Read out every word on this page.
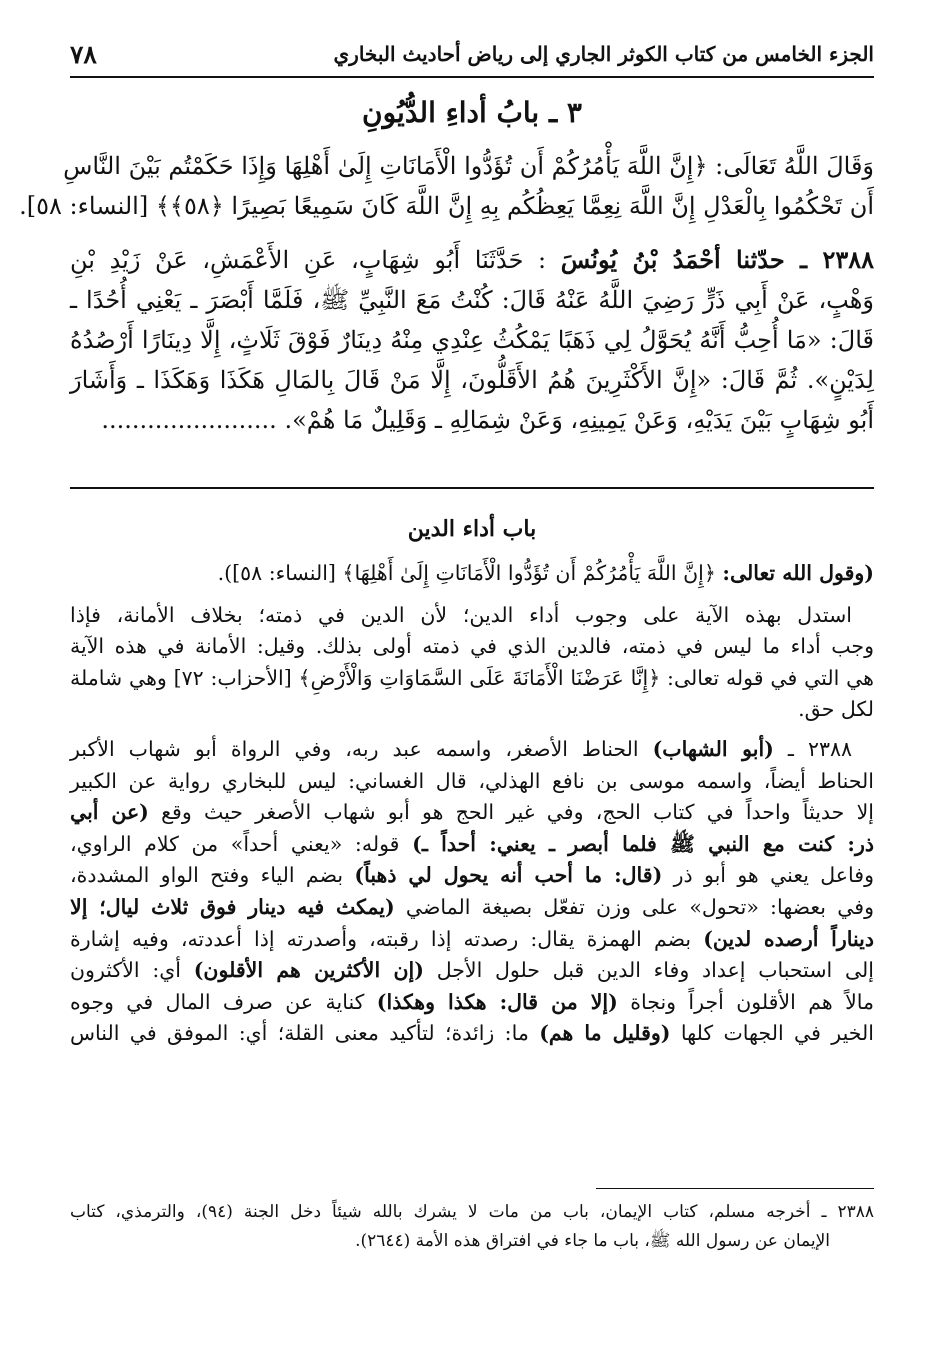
٧٨	الجزء الخامس من كتاب الكوثر الجاري إلى رياض أحاديث البخاري
٣ ـ بابُ أداءِ الدُّيُونِ
وَقَالَ اللَّهُ تَعَالَى: ﴿إِنَّ اللَّهَ يَأْمُرُكُمْ أَن تُؤَدُّوا الْأَمَانَاتِ إِلَىٰ أَهْلِهَا وَإِذَا حَكَمْتُم بَيْنَ النَّاسِ
أَن تَحْكُمُوا بِالْعَدْلِ إِنَّ اللَّهَ نِعِمَّا يَعِظُكُم بِهِ إِنَّ اللَّهَ كَانَ سَمِيعًا بَصِيرًا ﴿٥٨﴾﴾ [النساء: ٥٨].
٢٣٨٨ ـ حدّثنا أحْمَدُ بْنُ يُونُسَ : حَدَّثَنَا أَبُو شِهَابٍ، عَنِ الأَعْمَشِ، عَنْ زَيْدِ بْنِ
وَهْبٍ، عَنْ أَبِي ذَرٍّ رَضِيَ اللَّهُ عَنْهُ قَالَ: كُنْتُ مَعَ النَّبِيِّ ﷺ، فَلَمَّا أَبْصَرَ ـ يَعْنِي أُحُدًا ـ
قَالَ: «مَا أُحِبُّ أَنَّهُ يُحَوَّلُ لِي ذَهَبًا يَمْكُثُ عِنْدِي مِنْهُ دِينَارٌ فَوْقَ ثَلَاثٍ، إِلَّا دِينَارًا أَرْصُدُهُ
لِدَيْنٍ». ثُمَّ قَالَ: «إِنَّ الأَكْثَرِينَ هُمُ الأَقَلُّونَ، إِلَّا مَنْ قَالَ بِالمَالِ هَكَذَا وَهَكَذَا ـ وَأَشَارَ
أَبُو شِهَابٍ بَيْنَ يَدَيْهِ، وَعَنْ يَمِينِهِ، وَعَنْ شِمَالِهِ ـ وَقَلِيلٌ مَا هُمْ». .......................
باب أداء الدين
(وقول الله تعالى: ﴿إِنَّ اللَّهَ يَأْمُرُكُمْ أَن تُؤَدُّوا الْأَمَانَاتِ إِلَىٰ أَهْلِهَا﴾ [النساء: ٥٨]).
استدل بهذه الآية على وجوب أداء الدين؛ لأن الدين في ذمته؛ بخلاف الأمانة، فإذا
وجب أداء ما ليس في ذمته، فالدين الذي في ذمته أولى بذلك. وقيل: الأمانة في هذه الآية
هي التي في قوله تعالى: ﴿إِنَّا عَرَضْنَا الْأَمَانَةَ عَلَى السَّمَاوَاتِ وَالْأَرْضِ﴾ [الأحزاب: ٧٢] وهي شاملة
لكل حق.
٢٣٨٨ ـ (أبو الشهاب) الحناط الأصغر، واسمه عبد ربه، وفي الرواة أبو شهاب الأكبر
الحناط أيضاً، واسمه موسى بن نافع الهذلي، قال الغساني: ليس للبخاري رواية عن الكبير
إلا حديثاً واحداً في كتاب الحج، وفي غير الحج هو أبو شهاب الأصغر حيث وقع (عن أبي
ذر: كنت مع النبي ﷺ فلما أبصر ـ يعني: أحداً ـ) قوله: «يعني أحداً» من كلام الراوي،
وفاعل يعني هو أبو ذر (قال: ما أحب أنه يحول لي ذهباً) بضم الياء وفتح الواو المشددة،
وفي بعضها: «تحول» على وزن تفعّل بصيغة الماضي (يمكث فيه دينار فوق ثلاث ليال؛ إلا
ديناراً أرصده لدين) بضم الهمزة يقال: رصدته إذا رقبته، وأصدرته إذا أعددته، وفيه إشارة
إلى استحباب إعداد وفاء الدين قبل حلول الأجل (إن الأكثرين هم الأقلون) أي: الأكثرون
مالاً هم الأقلون أجراً ونجاة (إلا من قال: هكذا وهكذا) كناية عن صرف المال في وجوه
الخير في الجهات كلها (وقليل ما هم) ما: زائدة؛ لتأكيد معنى القلة؛ أي: الموفق في الناس
٢٣٨٨ ـ أخرجه مسلم، كتاب الإيمان، باب من مات لا يشرك بالله شيئاً دخل الجنة (٩٤)، والترمذي، كتاب
الإيمان عن رسول الله ﷺ، باب ما جاء في افتراق هذه الأمة (٢٦٤٤).
